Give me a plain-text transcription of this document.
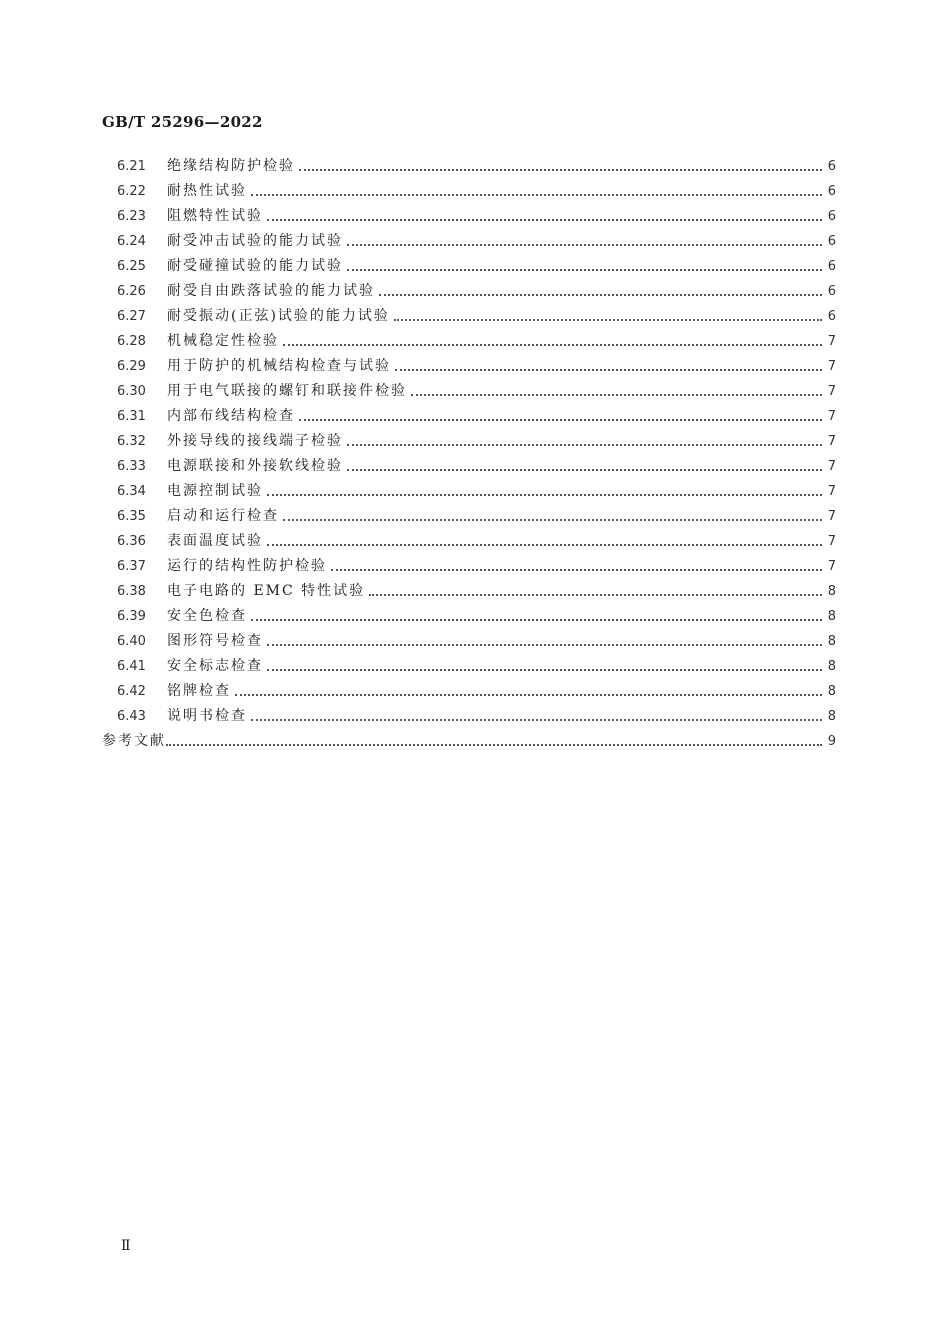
GB/T 25296—2022
6.21	绝缘结构防护检验	6
6.22	耐热性试验	6
6.23	阻燃特性试验	6
6.24	耐受冲击试验的能力试验	6
6.25	耐受碰撞试验的能力试验	6
6.26	耐受自由跌落试验的能力试验	6
6.27	耐受振动(正弦)试验的能力试验	6
6.28	机械稳定性检验	7
6.29	用于防护的机械结构检查与试验	7
6.30	用于电气联接的螺钉和联接件检验	7
6.31	内部布线结构检查	7
6.32	外接导线的接线端子检验	7
6.33	电源联接和外接软线检验	7
6.34	电源控制试验	7
6.35	启动和运行检查	7
6.36	表面温度试验	7
6.37	运行的结构性防护检验	7
6.38	电子电路的 EMC 特性试验	8
6.39	安全色检查	8
6.40	图形符号检查	8
6.41	安全标志检查	8
6.42	铭牌检查	8
6.43	说明书检查	8
参考文献	9
Ⅱ
